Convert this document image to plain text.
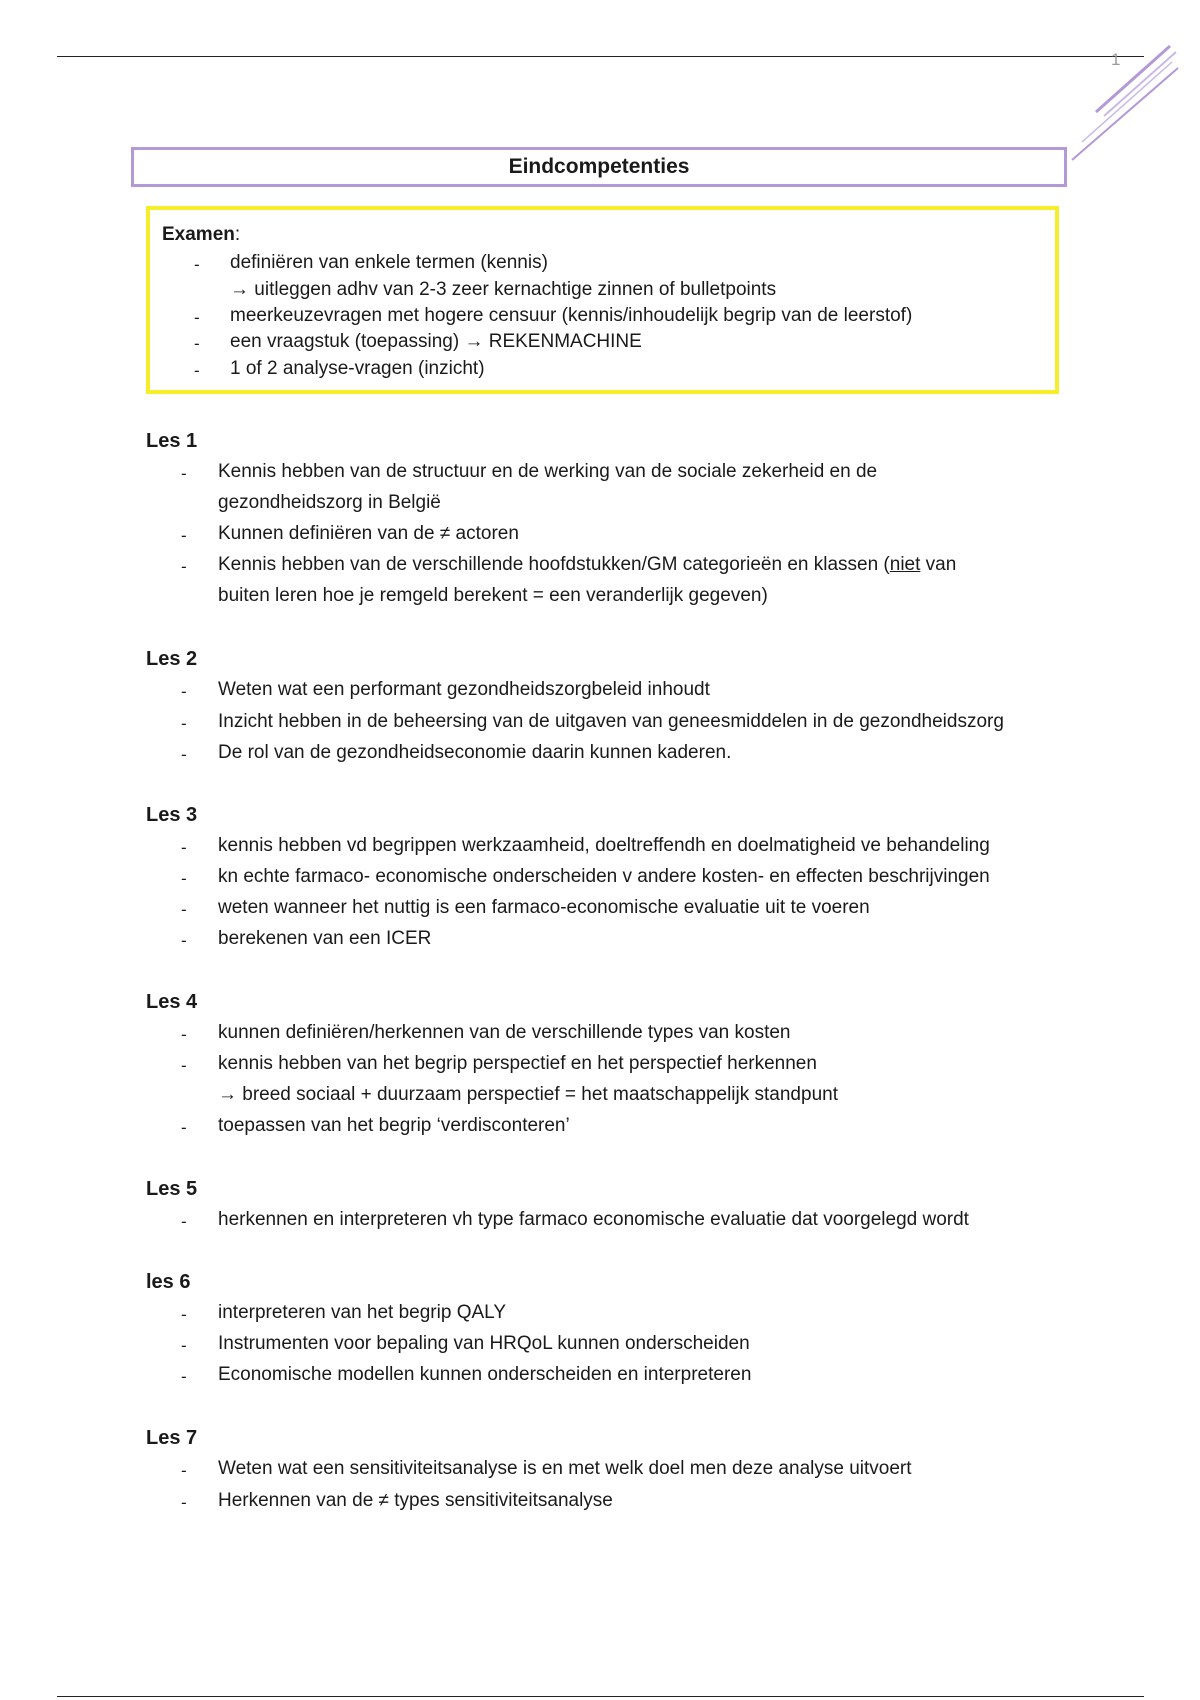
1
Eindcompetenties
Examen:
- definiëren van enkele termen (kennis)
→ uitleggen adhv van 2-3 zeer kernachtige zinnen of bulletpoints
- meerkeuzevragen met hogere censuur (kennis/inhoudelijk begrip van de leerstof)
- een vraagstuk (toepassing) → REKENMACHINE
- 1 of 2 analyse-vragen (inzicht)
Les 1
- Kennis hebben van de structuur en de werking van de sociale zekerheid en de
gezondheidszorg in België
- Kunnen definiëren van de ≠ actoren
- Kennis hebben van de verschillende hoofdstukken/GM categorieën en klassen (niet van
buiten leren hoe je remgeld berekent = een veranderlijk gegeven)
Les 2
- Weten wat een performant gezondheidszorgbeleid inhoudt
- Inzicht hebben in de beheersing van de uitgaven van geneesmiddelen in de gezondheidszorg
- De rol van de gezondheidseconomie daarin kunnen kaderen.
Les 3
- kennis hebben vd begrippen werkzaamheid, doeltreffendh en doelmatigheid ve behandeling
- kn echte farmaco- economische onderscheiden v andere kosten- en effecten beschrijvingen
- weten wanneer het nuttig is een farmaco-economische evaluatie uit te voeren
- berekenen van een ICER
Les 4
- kunnen definiëren/herkennen van de verschillende types van kosten
- kennis hebben van het begrip perspectief en het perspectief herkennen
→ breed sociaal + duurzaam perspectief = het maatschappelijk standpunt
- toepassen van het begrip ‘verdisconteren’
Les 5
- herkennen en interpreteren vh type farmaco economische evaluatie dat voorgelegd wordt
les 6
- interpreteren van het begrip QALY
- Instrumenten voor bepaling van HRQoL kunnen onderscheiden
- Economische modellen kunnen onderscheiden en interpreteren
Les 7
- Weten wat een sensitiviteitsanalyse is en met welk doel men deze analyse uitvoert
- Herkennen van de ≠ types sensitiviteitsanalyse
